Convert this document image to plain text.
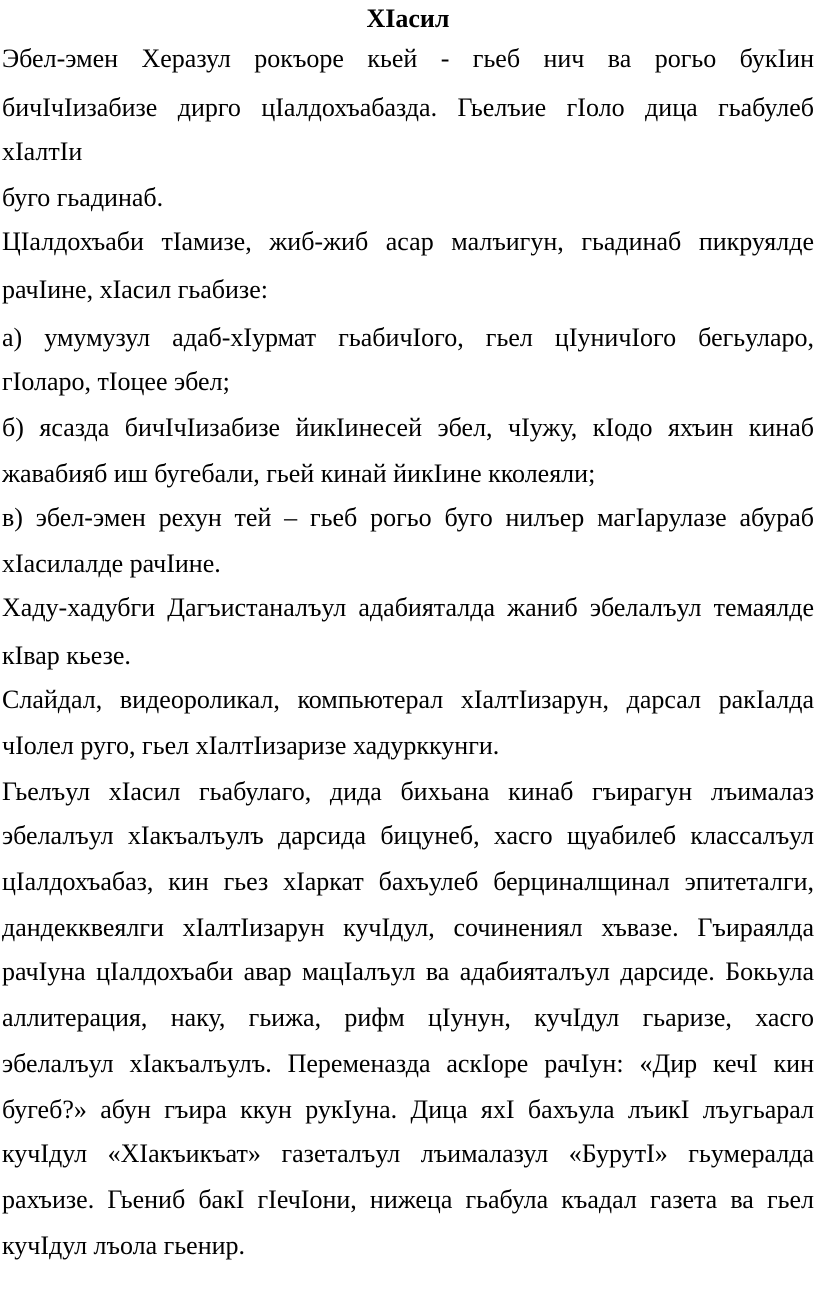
ХIасил
Эбел-эмен Херазул рокъоре кьей - гьеб нич ва рогьо букIин
бичIчIизабизе дирго цIалдохъабазда. Гьелъие гIоло дица гьабулеб
хIалтIи
буго гьадинаб.
ЦIалдохъаби тIамизе, жиб-жиб асар малъигун, гьадинаб пикруялде
рачIине, хIасил гьабизе:
а) умумузул адаб-хIурмат гьабичIого, гьел цIуничIого бегьуларо,
гIоларо, тIоцее эбел;
б) ясазда бичIчIизабизе йикIинесей эбел, чIужу, кIодо яхъин кинаб
жавабияб иш бугебали, гьей кинай йикIине кколеяли;
в) эбел-эмен рехун тей – гьеб рогьо буго нилъер магIарулазе абураб
хIасилалде рачIине.
Хаду-хадубги Дагъистаналъул адабияталда жаниб эбелалъул темаялде
кIвар кьезе.
Слайдал, видеороликал, компьютерал хIалтIизарун, дарсал ракIалда
чIолел руго, гьел хIалтIизаризе хадурккунги.
Гьелъул хIасил гьабулаго, дида бихьана кинаб гъирагун лъималаз
эбелалъул хIакъалъулъ дарсида бицунеб, хасго щуабилеб классалъул
цIалдохъабаз, кин гьез хIаркат бахъулеб берциналщинал эпитеталги,
дандекквеялги хIалтIизарун кучIдул, сочинениял хъвазе. Гъираялда
рачIуна цIалдохъаби авар мацIалъул ва адабияталъул дарсиде. Бокьула
аллитерация, наку, гьижа, рифм цIунун, кучIдул гьаризе, хасго
эбелалъул хIакъалъулъ. Переменазда аскIоре рачIун: «Дир кечI кин
бугеб?» абун гъира ккун рукIуна. Дица яхI бахъула лъикI лъугьарал
кучIдул «ХIакъикъат» газеталъул лъималазул «БурутI» гьумералда
рахъизе. Гьениб бакI гIечIони, нижеца гьабула къадал газета ва гьел
кучIдул лъола гьенир.
